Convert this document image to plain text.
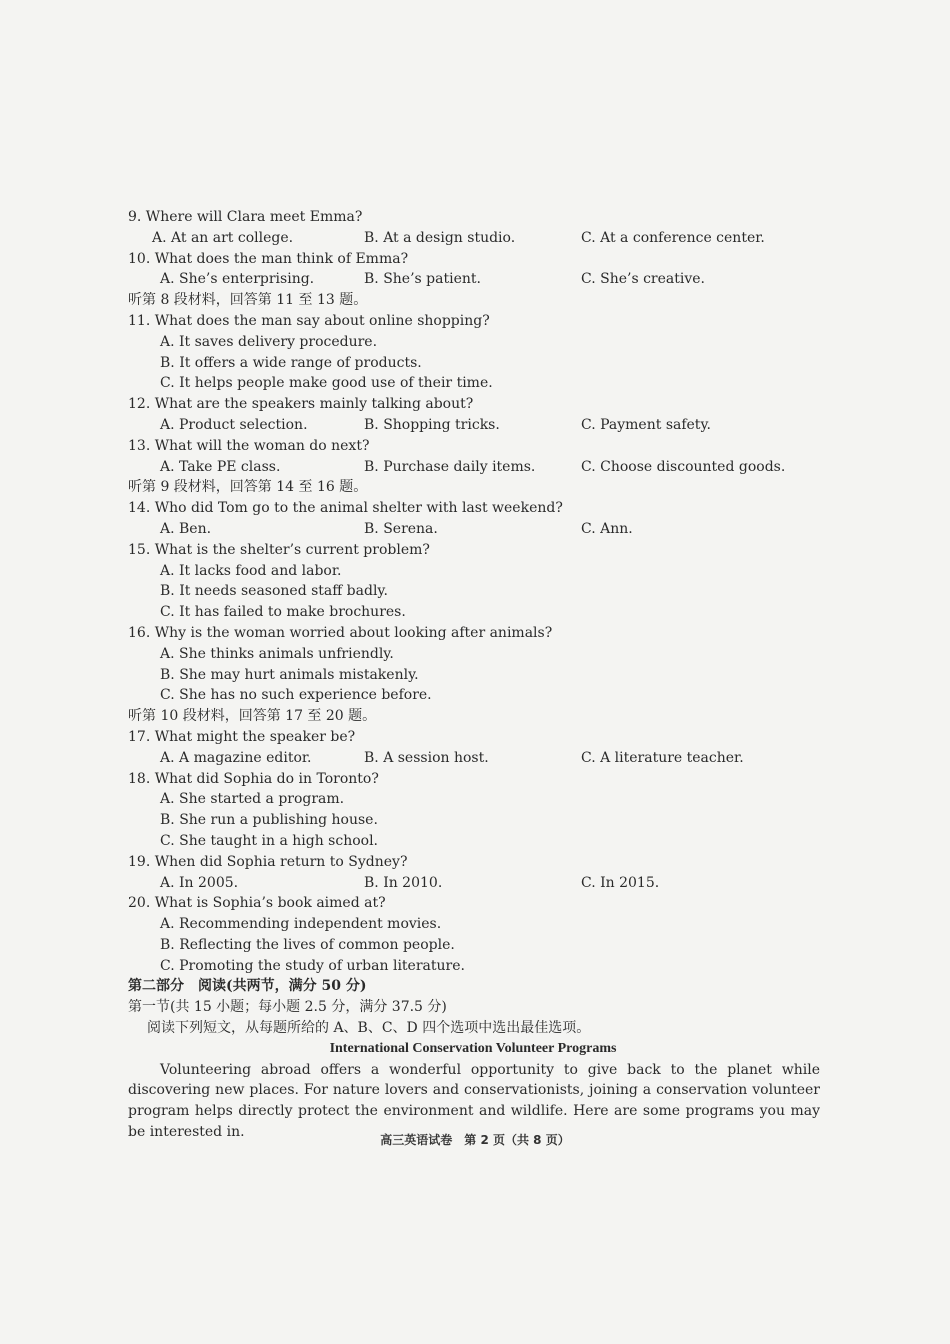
9. Where will Clara meet Emma?
A. At an art college.	B. At a design studio.	C. At a conference center.
10. What does the man think of Emma?
A. She’s enterprising.	B. She’s patient.	C. She’s creative.
听第 8 段材料，回答第 11 至 13 题。
11. What does the man say about online shopping?
A. It saves delivery procedure.
B. It offers a wide range of products.
C. It helps people make good use of their time.
12. What are the speakers mainly talking about?
A. Product selection.	B. Shopping tricks.	C. Payment safety.
13. What will the woman do next?
A. Take PE class.	B. Purchase daily items.	C. Choose discounted goods.
听第 9 段材料，回答第 14 至 16 题。
14. Who did Tom go to the animal shelter with last weekend?
A. Ben.	B. Serena.	C. Ann.
15. What is the shelter’s current problem?
A. It lacks food and labor.
B. It needs seasoned staff badly.
C. It has failed to make brochures.
16. Why is the woman worried about looking after animals?
A. She thinks animals unfriendly.
B. She may hurt animals mistakenly.
C. She has no such experience before.
听第 10 段材料，回答第 17 至 20 题。
17. What might the speaker be?
A. A magazine editor.	B. A session host.	C. A literature teacher.
18. What did Sophia do in Toronto?
A. She started a program.
B. She run a publishing house.
C. She taught in a high school.
19. When did Sophia return to Sydney?
A. In 2005.	B. In 2010.	C. In 2015.
20. What is Sophia’s book aimed at?
A. Recommending independent movies.
B. Reflecting the lives of common people.
C. Promoting the study of urban literature.
第二部分　阅读(共两节，满分 50 分)
第一节(共 15 小题；每小题 2.5 分，满分 37.5 分)
阅读下列短文，从每题所给的 A、B、C、D 四个选项中选出最佳选项。
International Conservation Volunteer Programs
Volunteering abroad offers a wonderful opportunity to give back to the planet while discovering new places. For nature lovers and conservationists, joining a conservation volunteer program helps directly protect the environment and wildlife. Here are some programs you may be interested in.	高三英语试卷　第 2 页（共 8 页）
